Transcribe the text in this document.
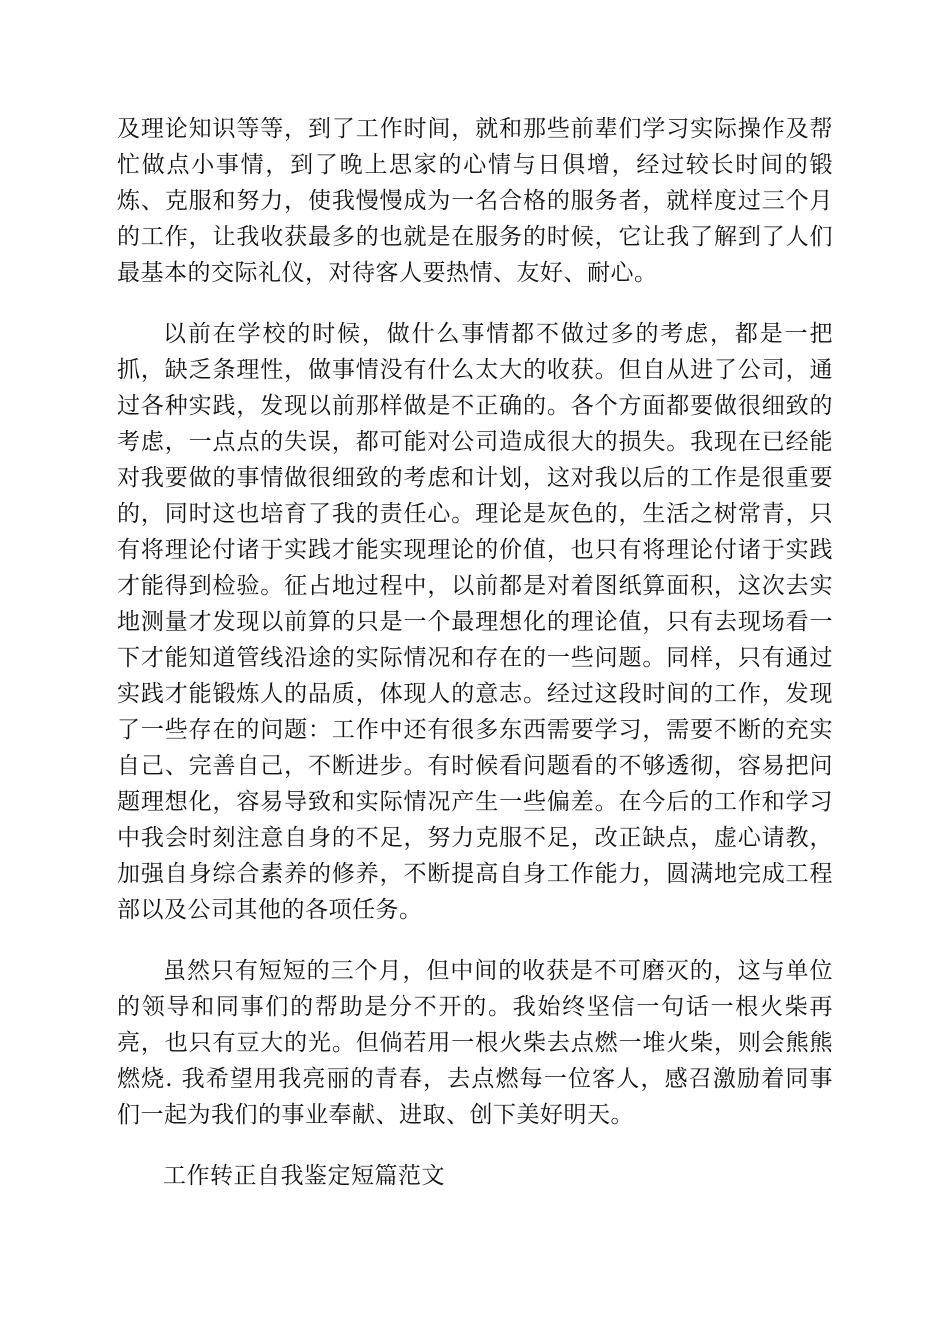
及理论知识等等，到了工作时间，就和那些前辈们学习实际操作及帮忙做点小事情，到了晚上思家的心情与日俱增，经过较长时间的锻炼、克服和努力，使我慢慢成为一名合格的服务者，就样度过三个月的工作，让我收获最多的也就是在服务的时候，它让我了解到了人们最基本的交际礼仪，对待客人要热情、友好、耐心。

以前在学校的时候，做什么事情都不做过多的考虑，都是一把抓，缺乏条理性，做事情没有什么太大的收获。但自从进了公司，通过各种实践，发现以前那样做是不正确的。各个方面都要做很细致的考虑，一点点的失误，都可能对公司造成很大的损失。我现在已经能对我要做的事情做很细致的考虑和计划，这对我以后的工作是很重要的，同时这也培育了我的责任心。理论是灰色的，生活之树常青，只有将理论付诸于实践才能实现理论的价值，也只有将理论付诸于实践才能得到检验。征占地过程中，以前都是对着图纸算面积，这次去实地测量才发现以前算的只是一个最理想化的理论值，只有去现场看一下才能知道管线沿途的实际情况和存在的一些问题。同样，只有通过实践才能锻炼人的品质，体现人的意志。经过这段时间的工作，发现了一些存在的问题：工作中还有很多东西需要学习，需要不断的充实自己、完善自己，不断进步。有时候看问题看的不够透彻，容易把问题理想化，容易导致和实际情况产生一些偏差。在今后的工作和学习中我会时刻注意自身的不足，努力克服不足，改正缺点，虚心请教，加强自身综合素养的修养，不断提高自身工作能力，圆满地完成工程部以及公司其他的各项任务。

虽然只有短短的三个月，但中间的收获是不可磨灭的，这与单位的领导和同事们的帮助是分不开的。我始终坚信一句话一根火柴再亮，也只有豆大的光。但倘若用一根火柴去点燃一堆火柴，则会熊熊燃烧. 我希望用我亮丽的青春，去点燃每一位客人，感召激励着同事们一起为我们的事业奉献、进取、创下美好明天。

工作转正自我鉴定短篇范文
